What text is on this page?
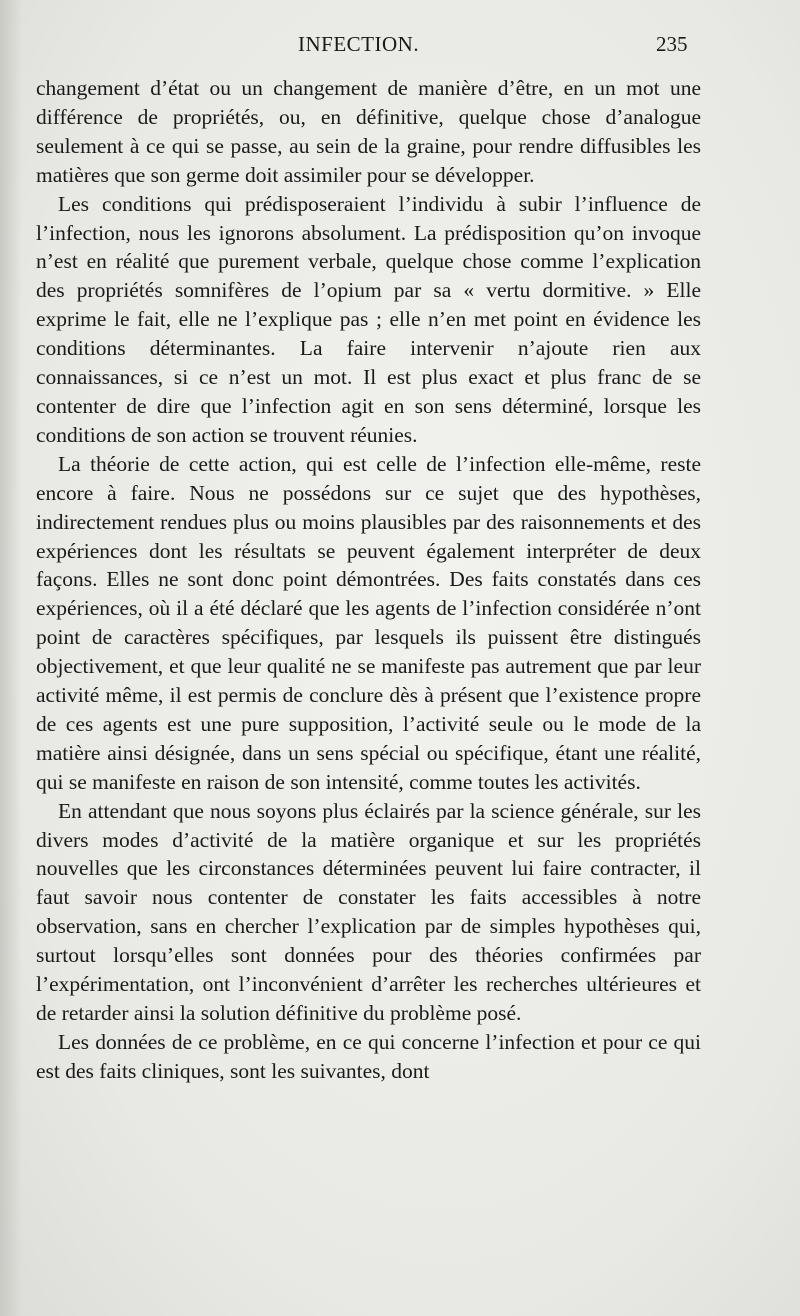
INFECTION.	235

changement d’état ou un changement de manière d’être, en un mot une différence de propriétés, ou, en définitive, quelque chose d’analogue seulement à ce qui se passe, au sein de la graine, pour rendre diffusibles les matières que son germe doit assimiler pour se développer.

Les conditions qui prédisposeraient l’individu à subir l’influence de l’infection, nous les ignorons absolument. La prédisposition qu’on invoque n’est en réalité que purement verbale, quelque chose comme l’explication des propriétés somnifères de l’opium par sa « vertu dormitive. » Elle exprime le fait, elle ne l’explique pas ; elle n’en met point en évidence les conditions déterminantes. La faire intervenir n’ajoute rien aux connaissances, si ce n’est un mot. Il est plus exact et plus franc de se contenter de dire que l’infection agit en son sens déterminé, lorsque les conditions de son action se trouvent réunies.

La théorie de cette action, qui est celle de l’infection elle-même, reste encore à faire. Nous ne possédons sur ce sujet que des hypothèses, indirectement rendues plus ou moins plausibles par des raisonnements et des expériences dont les résultats se peuvent également interpréter de deux façons. Elles ne sont donc point démontrées. Des faits constatés dans ces expériences, où il a été déclaré que les agents de l’infection considérée n’ont point de caractères spécifiques, par lesquels ils puissent être distingués objectivement, et que leur qualité ne se manifeste pas autrement que par leur activité même, il est permis de conclure dès à présent que l’existence propre de ces agents est une pure supposition, l’activité seule ou le mode de la matière ainsi désignée, dans un sens spécial ou spécifique, étant une réalité, qui se manifeste en raison de son intensité, comme toutes les activités.

En attendant que nous soyons plus éclairés par la science générale, sur les divers modes d’activité de la matière organique et sur les propriétés nouvelles que les circonstances déterminées peuvent lui faire contracter, il faut savoir nous contenter de constater les faits accessibles à notre observation, sans en chercher l’explication par de simples hypothèses qui, surtout lorsqu’elles sont données pour des théories confirmées par l’expérimentation, ont l’inconvénient d’arrêter les recherches ultérieures et de retarder ainsi la solution définitive du problème posé.

Les données de ce problème, en ce qui concerne l’infection et pour ce qui est des faits cliniques, sont les suivantes, dont
